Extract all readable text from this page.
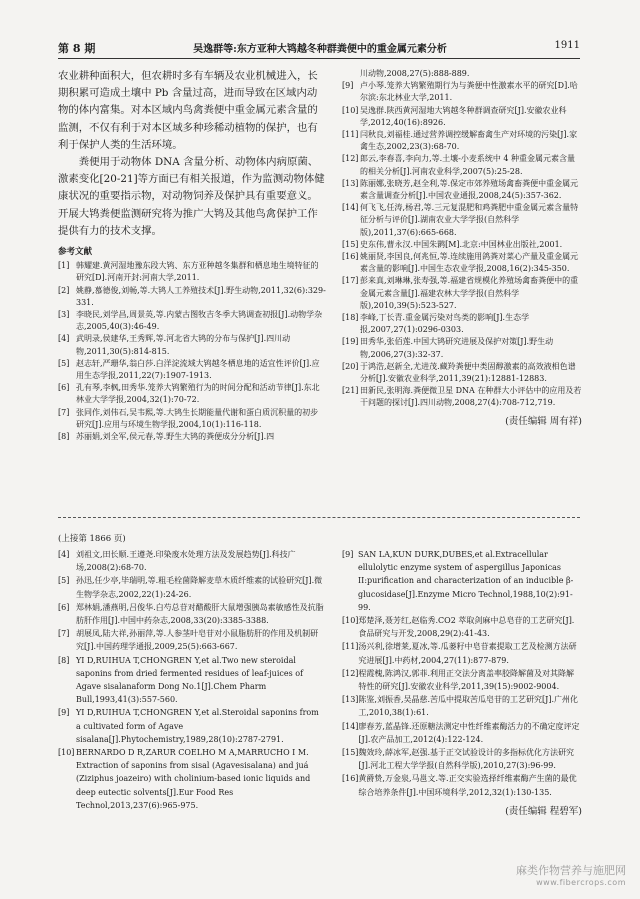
第 8 期	吴逸群等:东方亚种大鸨越冬种群粪便中的重金属元素分析	1911

农业耕种面积大，但农耕时多有车辆及农业机械进入，长期积累可造成土壤中 Pb 含量过高，进而导致在区域内动物的体内富集。对本区域内鸟禽粪便中重金属元素含量的监测，不仅有利于对本区域多种珍稀动植物的保护，也有利于保护人类的生活环境。

粪便用于动物体 DNA 含量分析、动物体内病原菌、激素变化[20-21]等方面已有相关报道，作为监测动物体健康状况的重要指示物，对动物饲养及保护具有重要意义。开展大鸨粪便监测研究将为推广大鸨及其他鸟禽保护工作提供有力的技术支撑。

参考文献
[1] 韩耀建.黄河湿地豫东段大鸨、东方亚种越冬集群和栖息地生境特征的研究[D].河南开封:河南大学,2011.
[2] 姚静,慕德俊,刘畅,等.大鸨人工养殖技术[J].野生动物,2011,32(6):329-331.
[3] 李晓民,刘学昌,周景英,等.内蒙古图牧吉冬季大鸨调查初报[J].动物学杂志,2005,40(3):46-49.
[4] 武明录,侯建华,王秀辉,等.河北省大鸨的分布与保护[J].四川动物,2011,30(5):814-815.
[5] 赵志轩,严珊华,翁白莎.白洋淀流域大鸨越冬栖息地的适宜性评价[J].应用生态学报,2011,22(7):1907-1913.
[6] 孔有琴,李枫,田秀华.笼养大鸨繁殖行为的时间分配和活动节律[J].东北林业大学学报,2004,32(1):70-72.
[7] 张同作,刘伟石,吴韦熙,等.大鸨生长期能量代谢和蛋白质沉积量的初步研究[J].应用与环境生物学报,2004,10(1):116-118.
[8] 苏丽娟,刘全军,侯元春,等.野生大鸨的粪便成分分析[J].四
川动物,2008,27(5):888-889.
[9] 卢小琴.笼养大鸨繁殖期行为与粪便中性激素水平的研究[D].哈尔滨:东北林业大学,2011.
[10] 吴逸群.陕西黄河湿地大鸨越冬种群调查研究[J].安徽农业科学,2012,40(16):8926.
[11] 闫秋良,刘福桂.通过营养调控缓解畜禽生产对环境的污染[J].家禽生态,2002,23(3):68-70.
[12] 郎云,李春喜,李向力,等.土壤-小麦系统中 4 种重金属元素含量的相关分析[J].河南农业科学,2007(5):25-28.
[13] 陈丽娜,张晓芳,赵全利,等.保定市郊养殖场禽畜粪便中重金属元素含量调查分析[J].中国农业通报,2008,24(5):357-362.
[14] 何飞飞,任涛,杨君,等.三元复混肥和鸡粪肥中重金属元素含量特征分析与评价[J].湖南农业大学学报(自然科学版),2011,37(6):665-668.
[15] 史东伟,曹永汉.中国朱鹮[M].北京:中国林业出版社,2001.
[16] 姚丽贤,李国良,何兆恒,等.连续施用鸽粪对菜心产量及重金属元素含量的影响[J].中国生态农业学报,2008,16(2):345-350.
[17] 彭来真,刘琳琳,张寿强,等.福建省规模化养殖场禽畜粪便中的重金属元素含量[J].福建农林大学学报(自然科学版),2010,39(5):523-527.
[18] 李峰,丁长青.重金属污染对鸟类的影响[J].生态学报,2007,27(1):0296-0303.
[19] 田秀华,张佰莲.中国大鸨研究进展及保护对策[J].野生动物,2006,27(3):32-37.
[20] 于鸿浩,赵新全,尤进茂.藏羚粪便中类固醇激素的高效液相色谱分析[J].安徽农业科学,2011,39(21):12881-12883.
[21] 田新民,张明海.粪便微卫星 DNA 在种群大小评估中的应用及若干问题的探讨[J].四川动物,2008,27(4):708-712,719.
(责任编辑 周有祥)
(上接第 1866 页)
[4] 刘祖文,田长顺.王遵尧.印染废水处理方法及发展趋势[J].科技广场,2008(2):68-70.
[5] 孙迅,任少亭,毕瑞明,等.粗毛栓菌降解麦草木质纤维素的试验研究[J].微生物学杂志,2002,22(1):24-26.
[6] 郑林娟,潘燕明,吕俊华.白芍总苷对醋酸肝大鼠增强胰岛素敏感性及抗脂肪肝作用[J].中国中药杂志,2008,33(20):3385-3388.
[7] 胡展凤,陆大祥,孙丽萍,等.人参茎叶皂苷对小鼠脂肪肝的作用及机制研究[J].中国药理学通报,2009,25(5):663-667.
[8] YI D,RUIHUA T,CHONGREN Y,et al.Two new steroidal saponins from dried fermented residues of leaf-juices of Agave sisalanaform Dong No.1[J].Chem Pharm Bull,1993,41(3):557-560.
[9] YI D,RUIHUA T,CHONGREN Y,et al.Steroidal saponins from a cultivated form of Agave sisalana[J].Phytochemistry,1989,28(10):2787-2791.
[10] BERNARDO D R,ZARUR COELHO M A,MARRUCHO I M. Extraction of saponins from sisal (Agavesisalana) and juá (Ziziphus joazeiro) with cholinium-based ionic liquids and deep eutectic solvents[J].Eur Food Res Technol,2013,237(6):965-975.
[9] SAN LA,KUN DURK,DUBES,et al.Extracellular ellulolytic enzyme system of aspergillus Japonicas II:purification and characterization of an inducible β-glucosidase[J].Enzyme Micro Technol,1988,10(2):91-99.
[10] 郑楚泽,聂芳红,赵临秀.CO2 萃取剑麻中总皂苷的工艺研究[J].食品研究与开发,2008,29(2):41-43.
[11] 汤兴利,徐增莱,夏冰,等.瓜蒌籽中皂苷素提取工艺及检测方法研究进展[J].中药材,2004,27(11):877-879.
[12] 程霞槐,陈鸿汉,郭菲.利用正交法分离盖率胶降解菌及对其降解特性的研究[J].安徽农业科学,2011,39(15):9002-9004.
[13] 陈鉴,刘振香,吴晶慈.苦瓜中提取苦瓜皂苷的工艺研究[J].广州化工,2010,38(1):61.
[14] 廖春芳,蓝晶锋.还原糖法测定中性纤维素酶活力的不确定度评定[J].农产品加工,2012(4):122-124.
[15] 魏效玲,薛冰军,赵强.基于正交试验设计的多指标优化方法研究[J].河北工程大学学报(自然科学版),2010,27(3):96-99.
[16] 黄爵贽,万金泉,马邕文.等.正交实验选择纤维素酶产生菌的最优综合培养条件[J].中国环境科学,2012,32(1):130-135.
(责任编辑 程碧军)
麻类作物营养与施肥网
www.fibercrops.com
